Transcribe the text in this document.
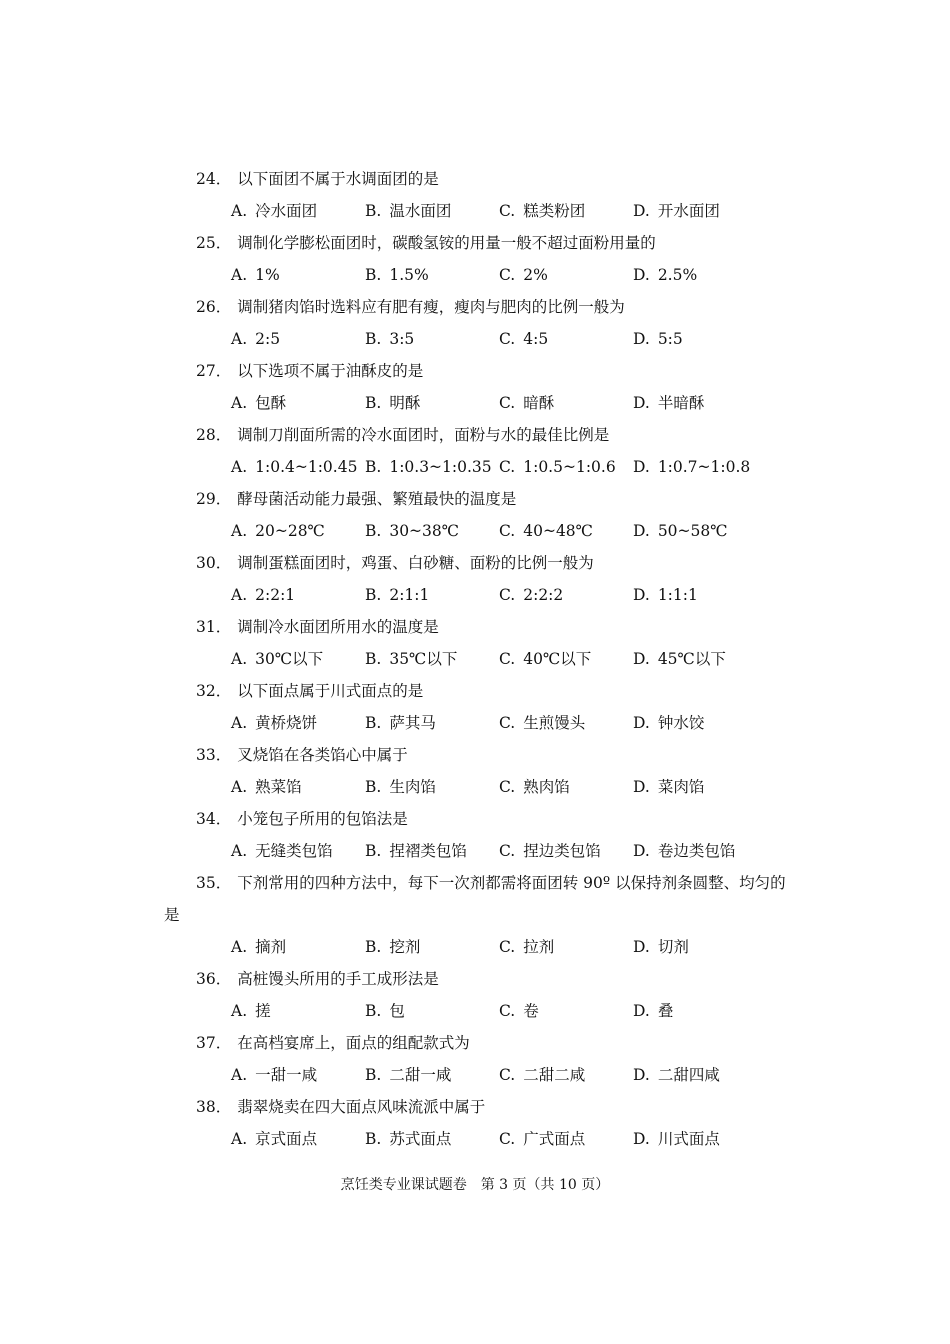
24． 以下面团不属于水调面团的是
A. 冷水面团	B. 温水面团	C. 糕类粉团	D. 开水面团
25． 调制化学膨松面团时，碳酸氢铵的用量一般不超过面粉用量的
A. 1%	B. 1.5%	C. 2%	D. 2.5%
26． 调制猪肉馅时选料应有肥有瘦，瘦肉与肥肉的比例一般为
A. 2:5	B. 3:5	C. 4:5	D. 5:5
27． 以下选项不属于油酥皮的是
A. 包酥	B. 明酥	C. 暗酥	D. 半暗酥
28． 调制刀削面所需的冷水面团时，面粉与水的最佳比例是
A. 1:0.4~1:0.45 B. 1:0.3~1:0.35 C. 1:0.5~1:0.6 D. 1:0.7~1:0.8
29． 酵母菌活动能力最强、繁殖最快的温度是
A. 20~28℃	B. 30~38℃	C. 40~48℃	D. 50~58℃
30． 调制蛋糕面团时，鸡蛋、白砂糖、面粉的比例一般为
A. 2:2:1	B. 2:1:1	C. 2:2:2	D. 1:1:1
31． 调制冷水面团所用水的温度是
A. 30℃以下	B. 35℃以下	C. 40℃以下	D. 45℃以下
32． 以下面点属于川式面点的是
A. 黄桥烧饼	B. 萨其马	C. 生煎馒头	D. 钟水饺
33． 叉烧馅在各类馅心中属于
A. 熟菜馅	B. 生肉馅	C. 熟肉馅	D. 菜肉馅
34． 小笼包子所用的包馅法是
A. 无缝类包馅 B. 捏褶类包馅 C. 捏边类包馅 D. 卷边类包馅
35． 下剂常用的四种方法中，每下一次剂都需将面团转 90º 以保持剂条圆整、均匀的是
A. 摘剂	B. 挖剂	C. 拉剂	D. 切剂
36． 高桩馒头所用的手工成形法是
A. 搓	B. 包	C. 卷	D. 叠
37． 在高档宴席上，面点的组配款式为
A. 一甜一咸	B. 二甜一咸	C. 二甜二咸	D. 二甜四咸
38． 翡翠烧卖在四大面点风味流派中属于
A. 京式面点	B. 苏式面点	C. 广式面点	D. 川式面点
烹饪类专业课试题卷　第 3 页（共 10 页）
